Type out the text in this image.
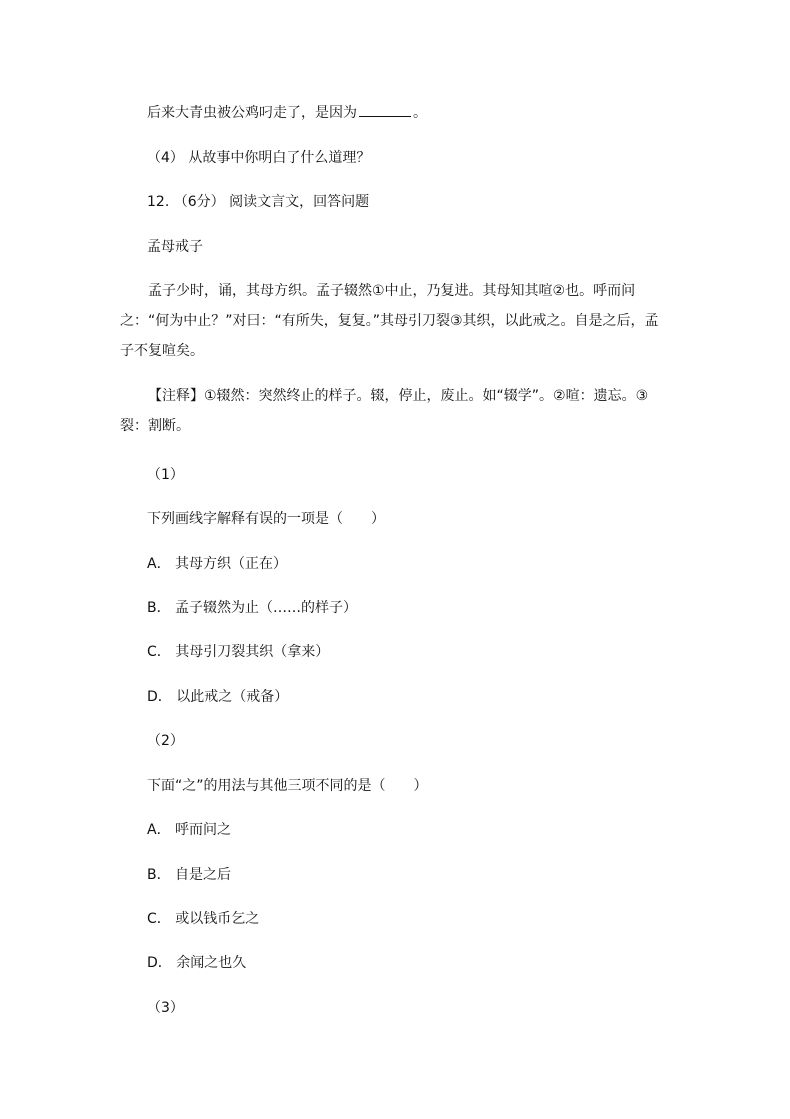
后来大青虫被公鸡叼走了，是因为	。
（4） 从故事中你明白了什么道理？
12. （6分） 阅读文言文，回答问题
孟母戒子
孟子少时，诵，其母方织。孟子辍然①中止，乃复进。其母知其喧②也。呼而问之：“何为中止？”对曰：“有所失，复复。”其母引刀裂③其织，以此戒之。自是之后，孟子不复喧矣。
【注释】①辍然：突然终止的样子。辍，停止，废止。如“辍学”。②喧：遗忘。③裂：割断。
（1）
下列画线字解释有误的一项是（　　）
A． 其母方织（正在）
B． 孟子辍然为止（……的样子）
C． 其母引刀裂其织（拿来）
D． 以此戒之（戒备）
（2）
下面“之”的用法与其他三项不同的是（　　）
A． 呼而问之
B． 自是之后
C． 或以钱币乞之
D． 余闻之也久
（3）
